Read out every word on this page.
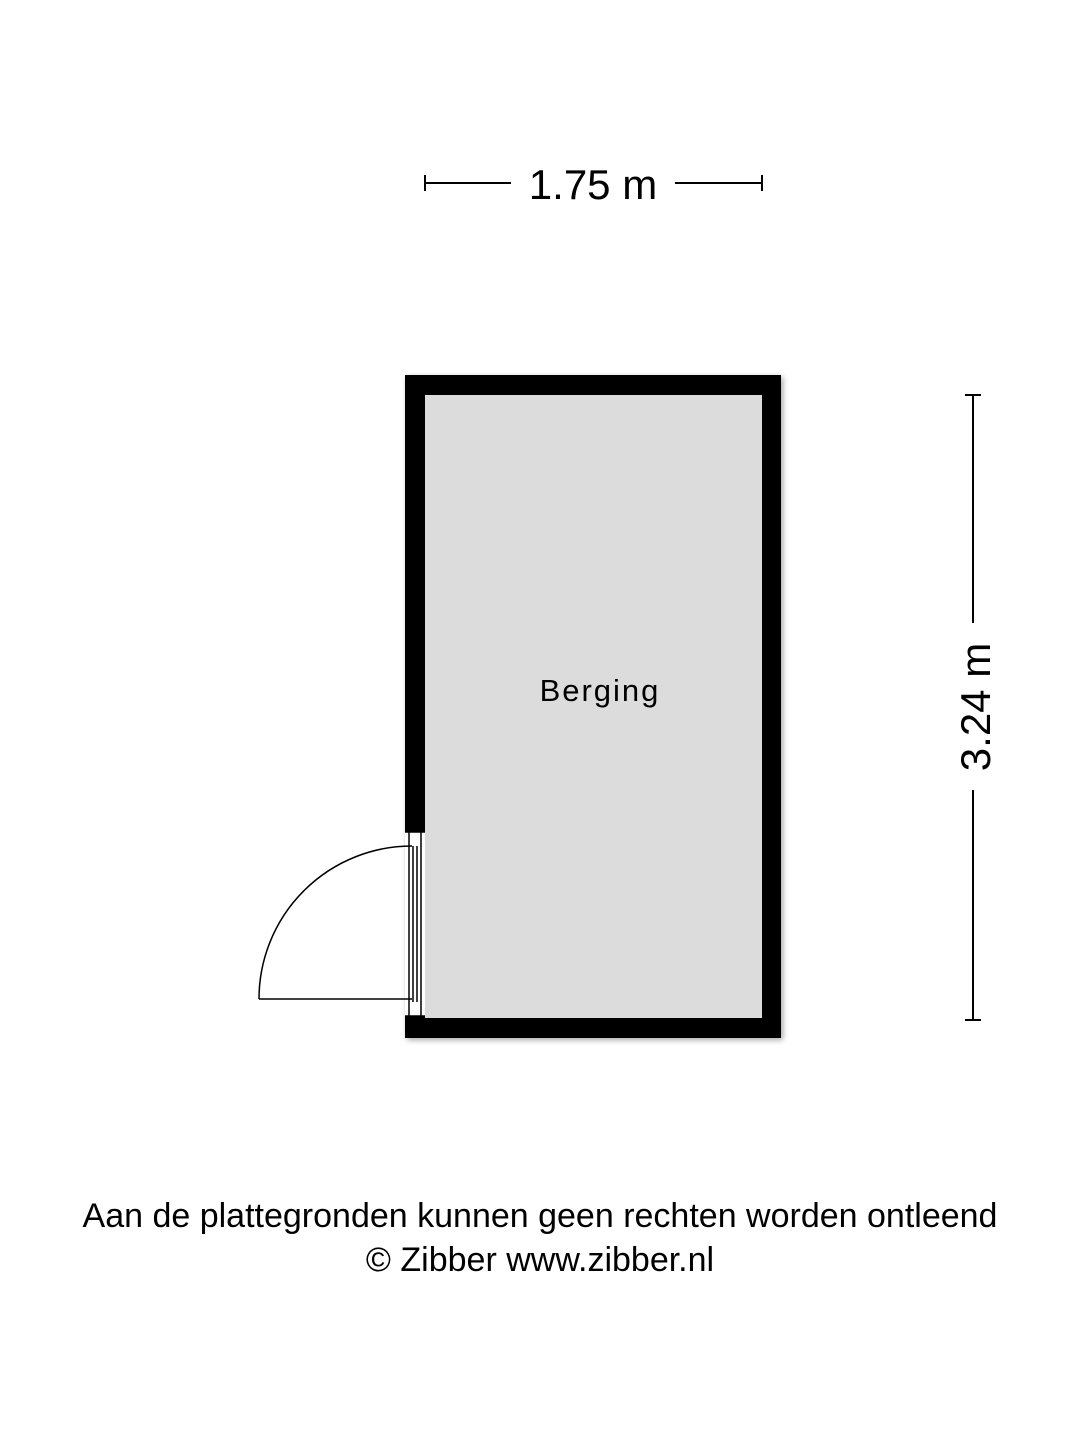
1.75 m
3.24 m
Berging
Aan de plattegronden kunnen geen rechten worden ontleend
© Zibber www.zibber.nl
